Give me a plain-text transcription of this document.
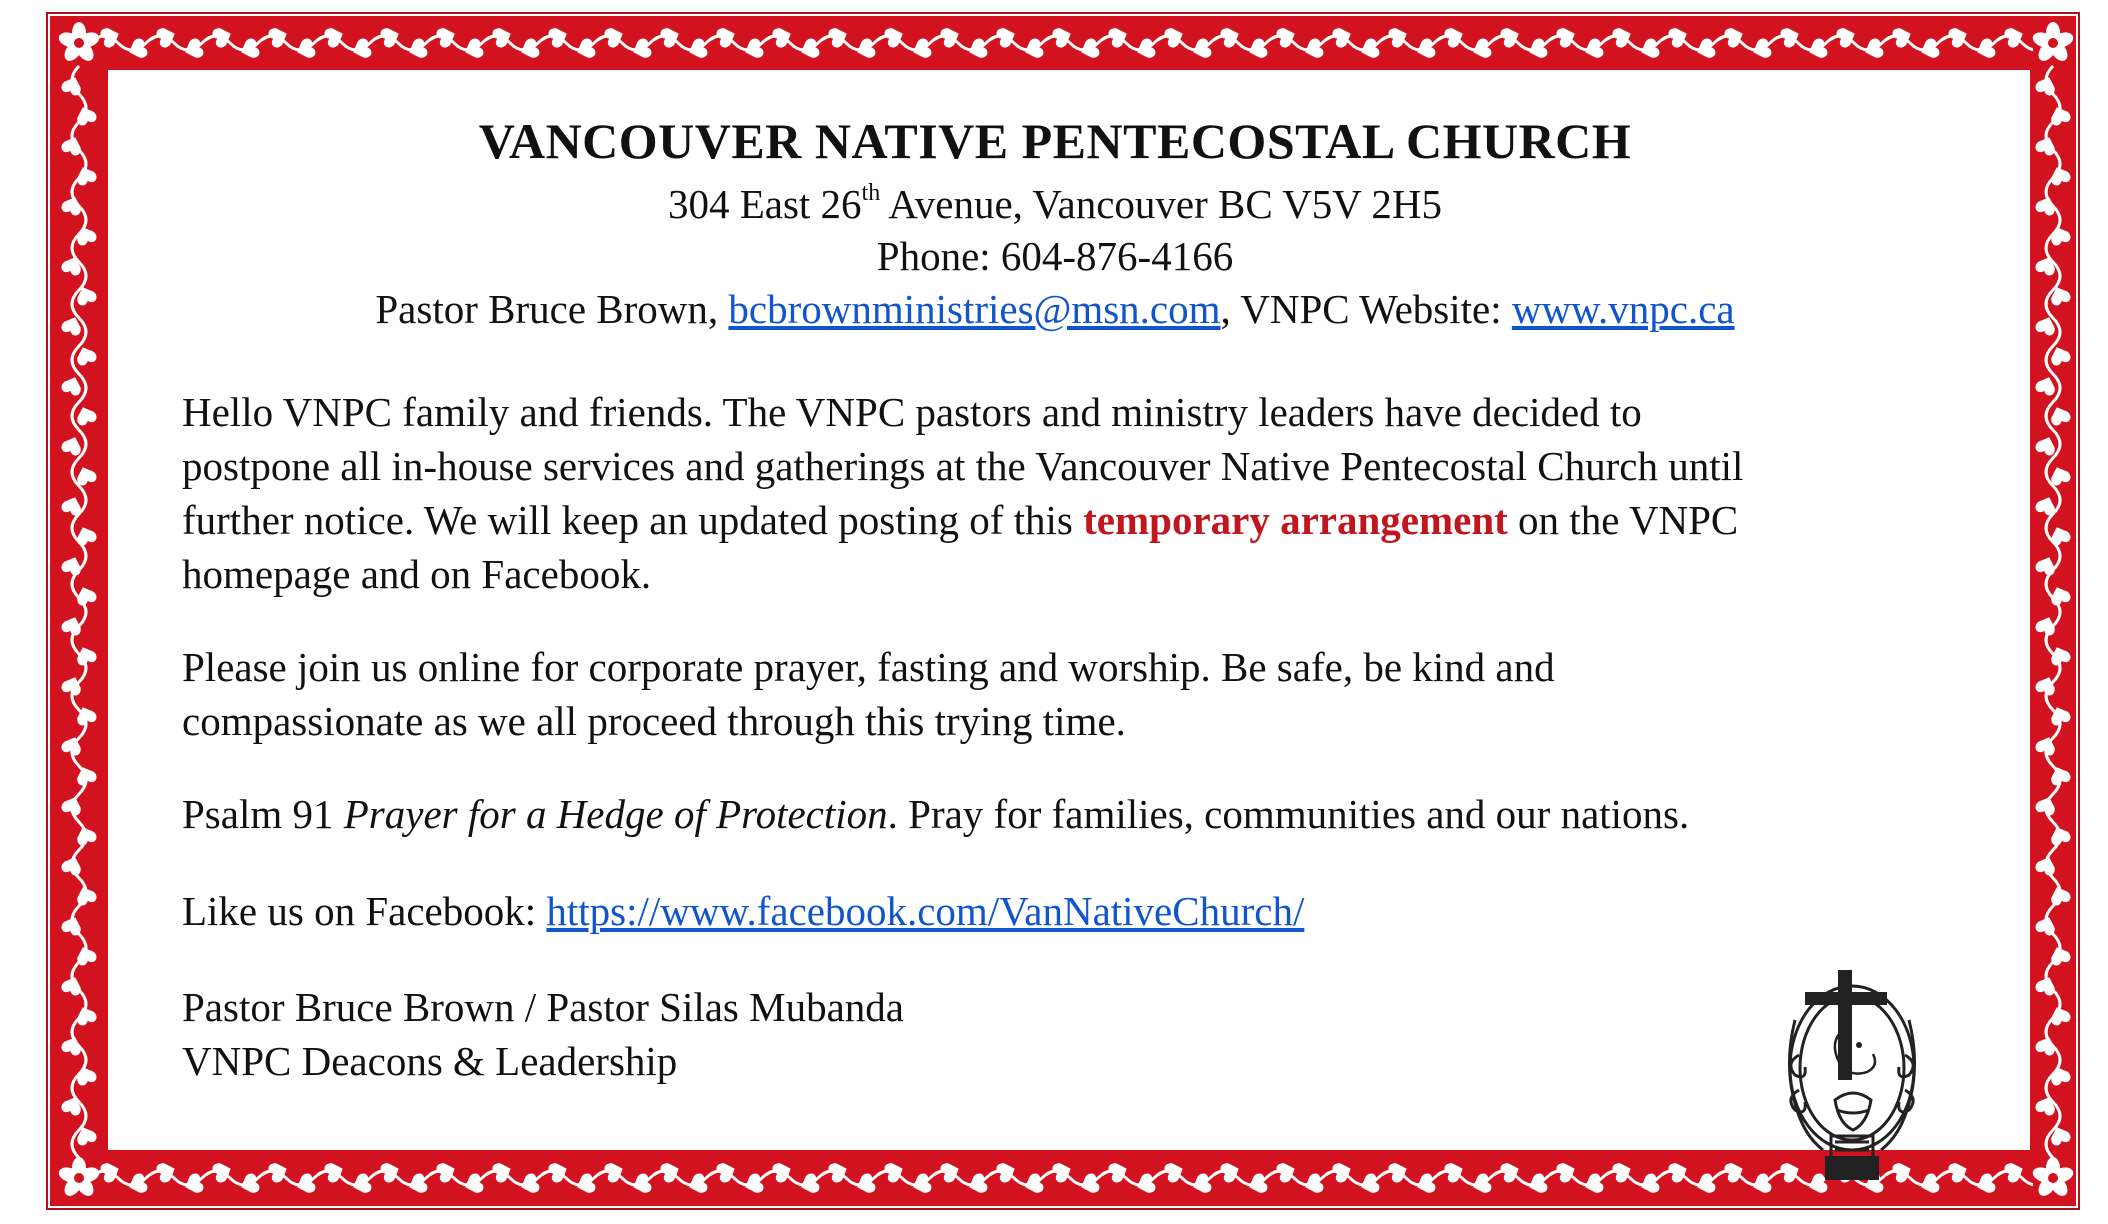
VANCOUVER NATIVE PENTECOSTAL CHURCH
304 East 26th Avenue, Vancouver BC V5V 2H5
Phone: 604-876-4166
Pastor Bruce Brown, bcbrownministries@msn.com, VNPC Website: www.vnpc.ca
Hello VNPC family and friends. The VNPC pastors and ministry leaders have decided to
postpone all in-house services and gatherings at the Vancouver Native Pentecostal Church until
further notice. We will keep an updated posting of this temporary arrangement on the VNPC
homepage and on Facebook.
Please join us online for corporate prayer, fasting and worship. Be safe, be kind and
compassionate as we all proceed through this trying time.
Psalm 91 Prayer for a Hedge of Protection. Pray for families, communities and our nations.
Like us on Facebook: https://www.facebook.com/VanNativeChurch/
Pastor Bruce Brown / Pastor Silas Mubanda
VNPC Deacons & Leadership
